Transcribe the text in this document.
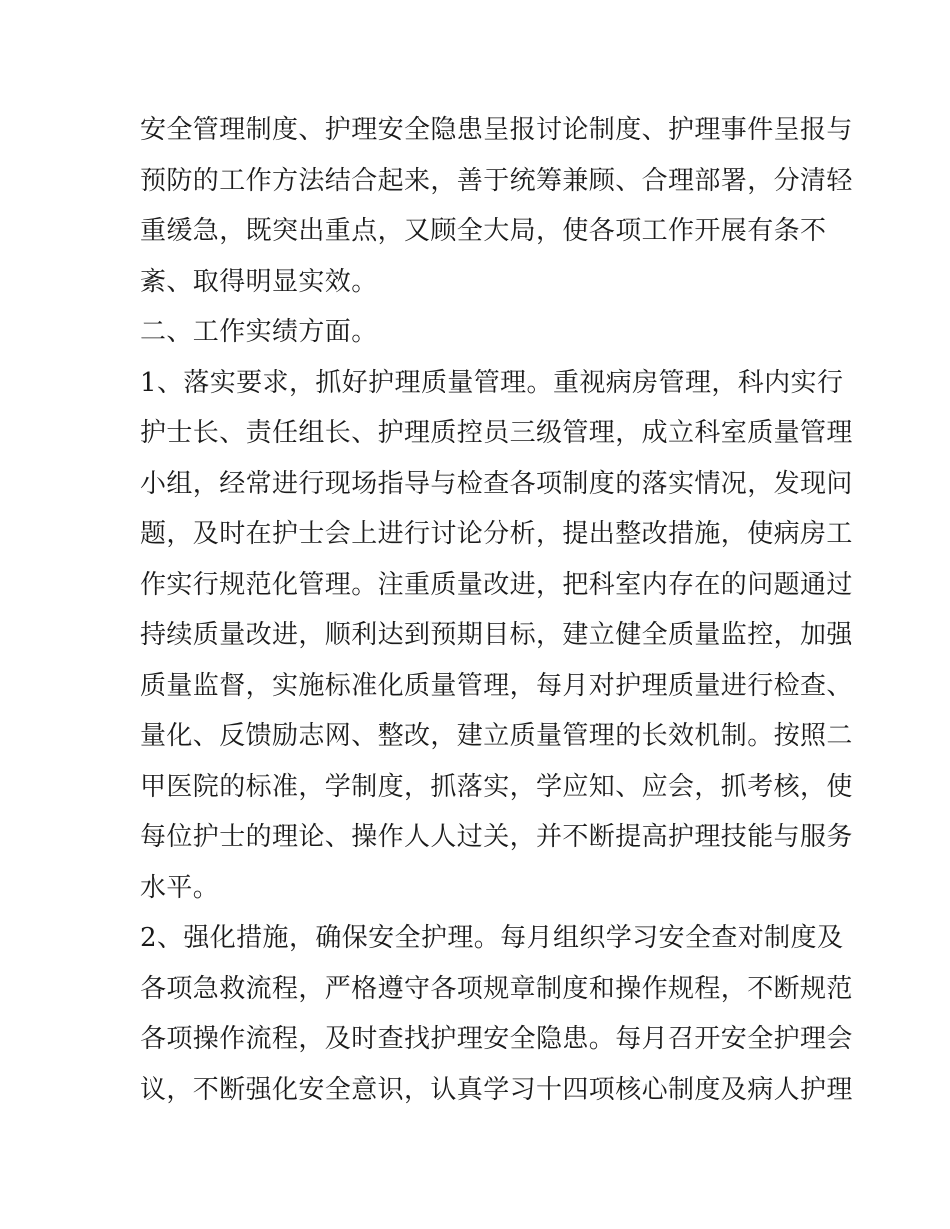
安全管理制度、护理安全隐患呈报讨论制度、护理事件呈报与
预防的工作方法结合起来，善于统筹兼顾、合理部署，分清轻
重缓急，既突出重点，又顾全大局，使各项工作开展有条不
紊、取得明显实效。
二、工作实绩方面。
1、落实要求，抓好护理质量管理。重视病房管理，科内实行
护士长、责任组长、护理质控员三级管理，成立科室质量管理
小组，经常进行现场指导与检查各项制度的落实情况，发现问
题，及时在护士会上进行讨论分析，提出整改措施，使病房工
作实行规范化管理。注重质量改进，把科室内存在的问题通过
持续质量改进，顺利达到预期目标，建立健全质量监控，加强
质量监督，实施标准化质量管理，每月对护理质量进行检查、
量化、反馈励志网、整改，建立质量管理的长效机制。按照二
甲医院的标准，学制度，抓落实，学应知、应会，抓考核，使
每位护士的理论、操作人人过关，并不断提高护理技能与服务
水平。
2、强化措施，确保安全护理。每月组织学习安全查对制度及
各项急救流程，严格遵守各项规章制度和操作规程，不断规范
各项操作流程，及时查找护理安全隐患。每月召开安全护理会
议，不断强化安全意识，认真学习十四项核心制度及病人护理
